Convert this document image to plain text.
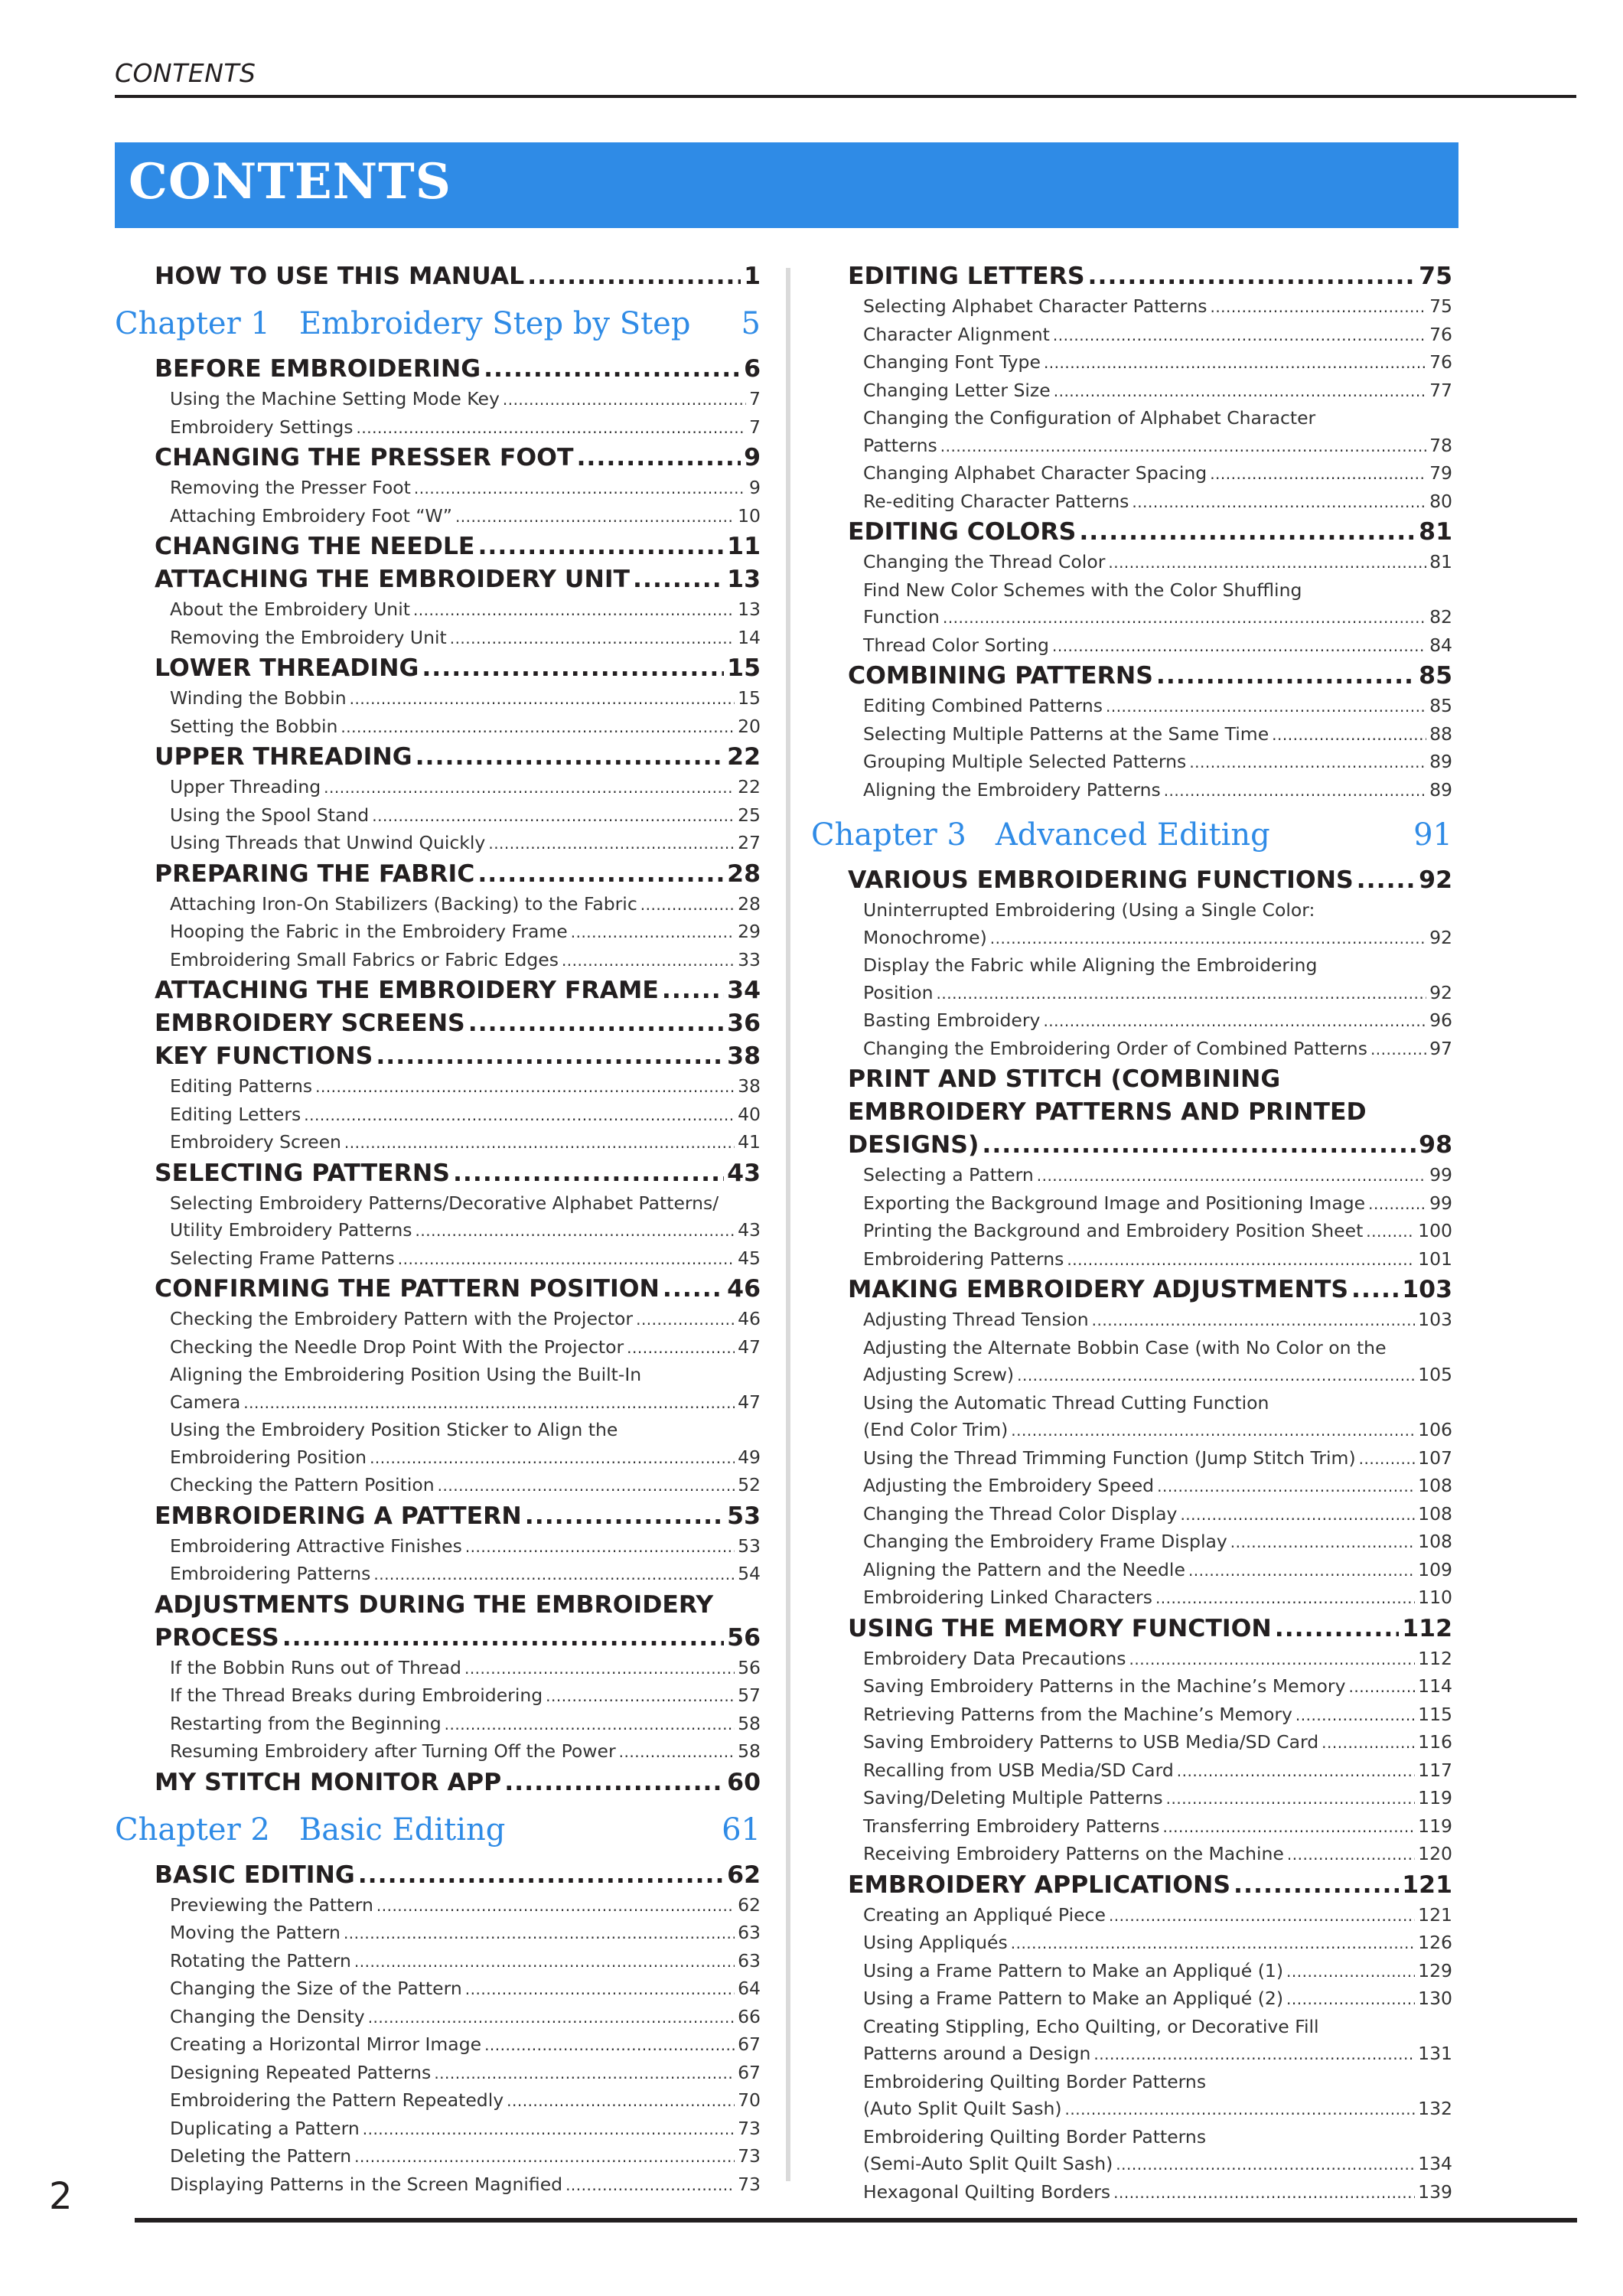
CONTENTS
CONTENTS
HOW TO USE THIS MANUAL .....	1
Chapter 1 Embroidery Step by Step 5
BEFORE EMBROIDERING .....	6
Using the Machine Setting Mode Key .....	7
Embroidery Settings .....	7
CHANGING THE PRESSER FOOT .....	9
Removing the Presser Foot .....	9
Attaching Embroidery Foot “W” .....	10
CHANGING THE NEEDLE .....	11
ATTACHING THE EMBROIDERY UNIT .....	13
About the Embroidery Unit .....	13
Removing the Embroidery Unit .....	14
LOWER THREADING .....	15
Winding the Bobbin .....	15
Setting the Bobbin .....	20
UPPER THREADING .....	22
Upper Threading .....	22
Using the Spool Stand .....	25
Using Threads that Unwind Quickly .....	27
PREPARING THE FABRIC .....	28
Attaching Iron-On Stabilizers (Backing) to the Fabric .....	28
Hooping the Fabric in the Embroidery Frame .....	29
Embroidering Small Fabrics or Fabric Edges .....	33
ATTACHING THE EMBROIDERY FRAME .....	34
EMBROIDERY SCREENS .....	36
KEY FUNCTIONS .....	38
Editing Patterns .....	38
Editing Letters .....	40
Embroidery Screen .....	41
SELECTING PATTERNS .....	43
Selecting Embroidery Patterns/Decorative Alphabet Patterns/
Utility Embroidery Patterns .....	43
Selecting Frame Patterns .....	45
CONFIRMING THE PATTERN POSITION .....	46
Checking the Embroidery Pattern with the Projector .....	46
Checking the Needle Drop Point With the Projector .....	47
Aligning the Embroidering Position Using the Built-In
Camera .....	47
Using the Embroidery Position Sticker to Align the
Embroidering Position .....	49
Checking the Pattern Position .....	52
EMBROIDERING A PATTERN .....	53
Embroidering Attractive Finishes .....	53
Embroidering Patterns .....	54
ADJUSTMENTS DURING THE EMBROIDERY
PROCESS .....	56
If the Bobbin Runs out of Thread .....	56
If the Thread Breaks during Embroidering .....	57
Restarting from the Beginning .....	58
Resuming Embroidery after Turning Off the Power .....	58
MY STITCH MONITOR APP .....	60
Chapter 2 Basic Editing	61
BASIC EDITING .....	62
Previewing the Pattern .....	62
Moving the Pattern .....	63
Rotating the Pattern .....	63
Changing the Size of the Pattern .....	64
Changing the Density .....	66
Creating a Horizontal Mirror Image .....	67
Designing Repeated Patterns .....	67
Embroidering the Pattern Repeatedly .....	70
Duplicating a Pattern .....	73
Deleting the Pattern .....	73
Displaying Patterns in the Screen Magnified .....	73
EDITING LETTERS .....	75
Selecting Alphabet Character Patterns .....	75
Character Alignment .....	76
Changing Font Type .....	76
Changing Letter Size .....	77
Changing the Configuration of Alphabet Character
Patterns .....	78
Changing Alphabet Character Spacing .....	79
Re-editing Character Patterns .....	80
EDITING COLORS .....	81
Changing the Thread Color .....	81
Find New Color Schemes with the Color Shuffling
Function .....	82
Thread Color Sorting .....	84
COMBINING PATTERNS .....	85
Editing Combined Patterns .....	85
Selecting Multiple Patterns at the Same Time .....	88
Grouping Multiple Selected Patterns .....	89
Aligning the Embroidery Patterns .....	89
Chapter 3 Advanced Editing	91
VARIOUS EMBROIDERING FUNCTIONS .....	92
Uninterrupted Embroidering (Using a Single Color:
Monochrome) .....	92
Display the Fabric while Aligning the Embroidering
Position .....	92
Basting Embroidery .....	96
Changing the Embroidering Order of Combined Patterns .....	97
PRINT AND STITCH (COMBINING
EMBROIDERY PATTERNS AND PRINTED
DESIGNS) .....	98
Selecting a Pattern .....	99
Exporting the Background Image and Positioning Image .....	99
Printing the Background and Embroidery Position Sheet .....	100
Embroidering Patterns .....	101
MAKING EMBROIDERY ADJUSTMENTS ..... 103
Adjusting Thread Tension .....	103
Adjusting the Alternate Bobbin Case (with No Color on the
Adjusting Screw) .....	105
Using the Automatic Thread Cutting Function
(End Color Trim) .....	106
Using the Thread Trimming Function (Jump Stitch Trim) .....	107
Adjusting the Embroidery Speed .....	108
Changing the Thread Color Display .....	108
Changing the Embroidery Frame Display .....	108
Aligning the Pattern and the Needle .....	109
Embroidering Linked Characters .....	110
USING THE MEMORY FUNCTION .....	112
Embroidery Data Precautions .....	112
Saving Embroidery Patterns in the Machine’s Memory .....	114
Retrieving Patterns from the Machine’s Memory .....	115
Saving Embroidery Patterns to USB Media/SD Card .....	116
Recalling from USB Media/SD Card .....	117
Saving/Deleting Multiple Patterns .....	119
Transferring Embroidery Patterns .....	119
Receiving Embroidery Patterns on the Machine .....	120
EMBROIDERY APPLICATIONS .....	121
Creating an Appliqué Piece .....	121
Using Appliqués .....	126
Using a Frame Pattern to Make an Appliqué (1) .....	129
Using a Frame Pattern to Make an Appliqué (2) .....	130
Creating Stippling, Echo Quilting, or Decorative Fill
Patterns around a Design .....	131
Embroidering Quilting Border Patterns
(Auto Split Quilt Sash) .....	132
Embroidering Quilting Border Patterns
(Semi-Auto Split Quilt Sash) .....	134
Hexagonal Quilting Borders .....	139
2
